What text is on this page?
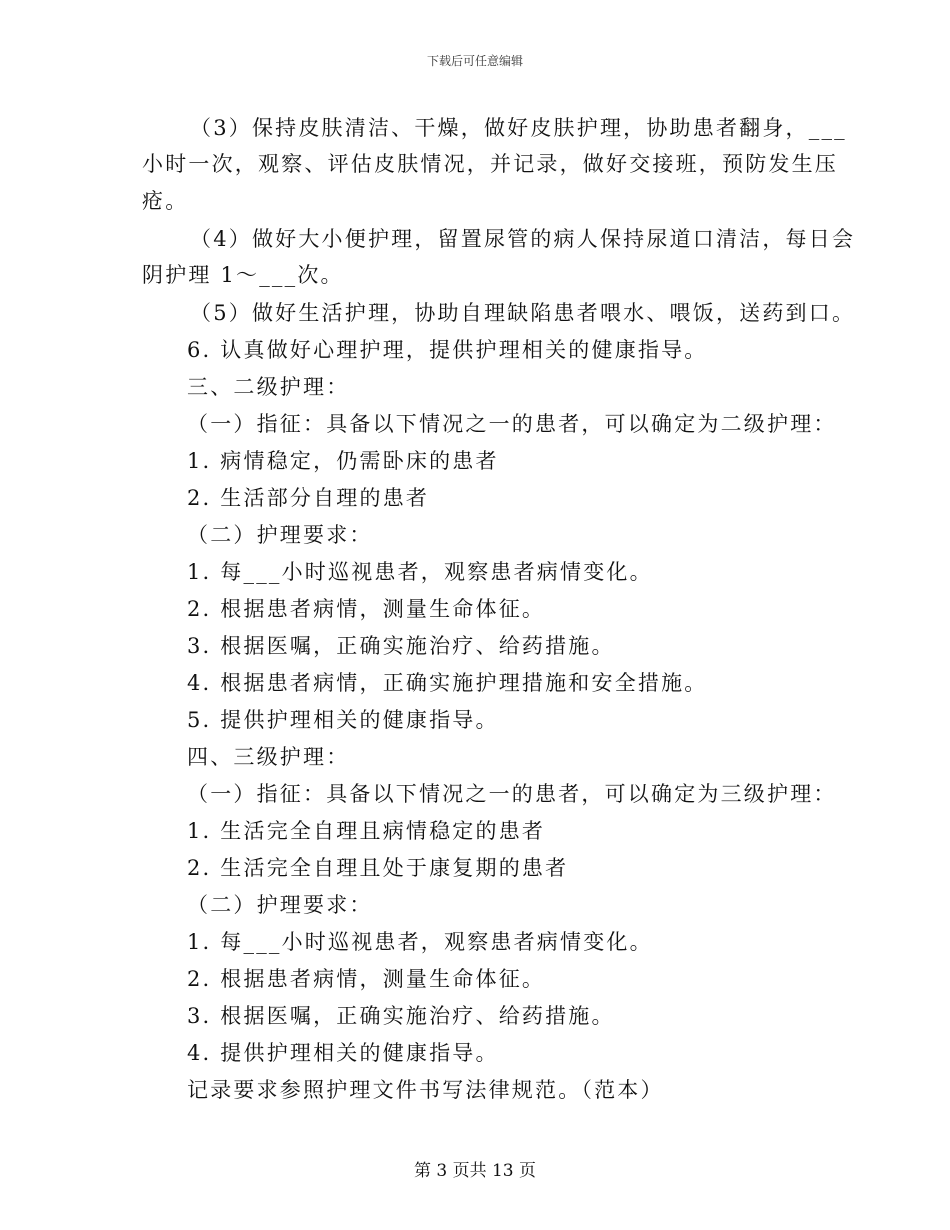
下载后可任意编辑
（3）保持皮肤清洁、干燥，做好皮肤护理，协助患者翻身，___
小时一次，观察、评估皮肤情况，并记录，做好交接班，预防发生压
疮。
（4）做好大小便护理，留置尿管的病人保持尿道口清洁，每日会
阴护理 1～___次。
（5）做好生活护理，协助自理缺陷患者喂水、喂饭，送药到口。
6. 认真做好心理护理，提供护理相关的健康指导。
三、二级护理：
（一）指征：具备以下情况之一的患者，可以确定为二级护理：
1. 病情稳定，仍需卧床的患者
2. 生活部分自理的患者
（二）护理要求：
1. 每___小时巡视患者，观察患者病情变化。
2. 根据患者病情，测量生命体征。
3. 根据医嘱，正确实施治疗、给药措施。
4. 根据患者病情，正确实施护理措施和安全措施。
5. 提供护理相关的健康指导。
四、三级护理：
（一）指征：具备以下情况之一的患者，可以确定为三级护理：
1. 生活完全自理且病情稳定的患者
2. 生活完全自理且处于康复期的患者
（二）护理要求：
1. 每___小时巡视患者，观察患者病情变化。
2. 根据患者病情，测量生命体征。
3. 根据医嘱，正确实施治疗、给药措施。
4. 提供护理相关的健康指导。
记录要求参照护理文件书写法律规范。（范本）
第 3 页共 13 页
